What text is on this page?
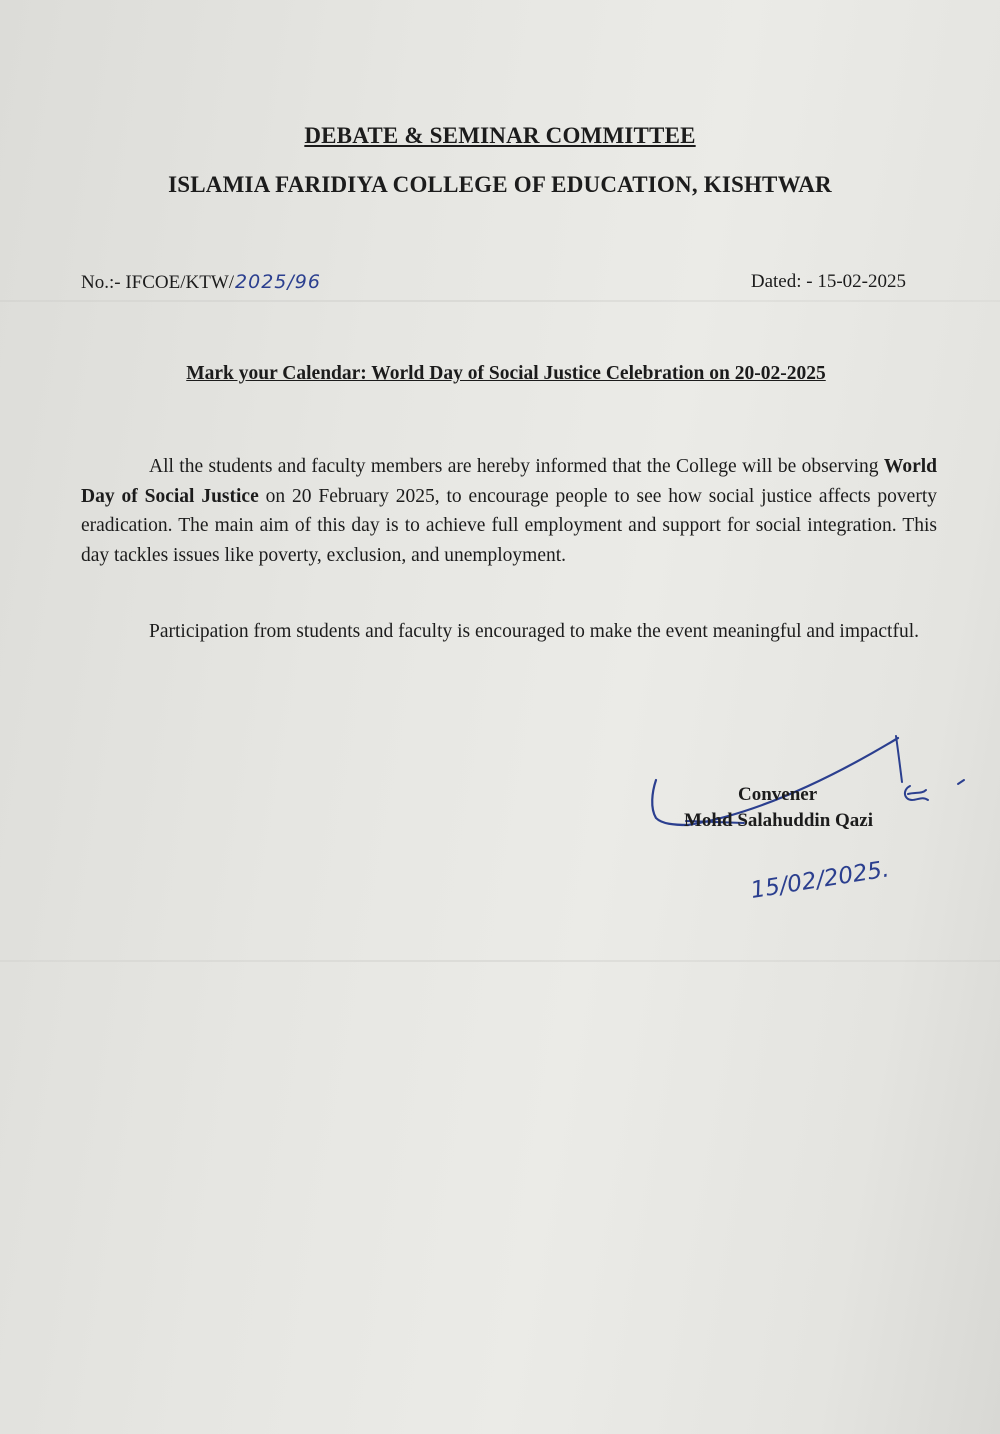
DEBATE & SEMINAR COMMITTEE
ISLAMIA FARIDIYA COLLEGE OF EDUCATION, KISHTWAR
No.:- IFCOE/KTW/2025/96	Dated: - 15-02-2025
Mark your Calendar: World Day of Social Justice Celebration on 20-02-2025
All the students and faculty members are hereby informed that the College will be observing World Day of Social Justice on 20 February 2025, to encourage people to see how social justice affects poverty eradication. The main aim of this day is to achieve full employment and support for social integration. This day tackles issues like poverty, exclusion, and unemployment.
Participation from students and faculty is encouraged to make the event meaningful and impactful.
15/02/2025.
Convener
Mohd Salahuddin Qazi
